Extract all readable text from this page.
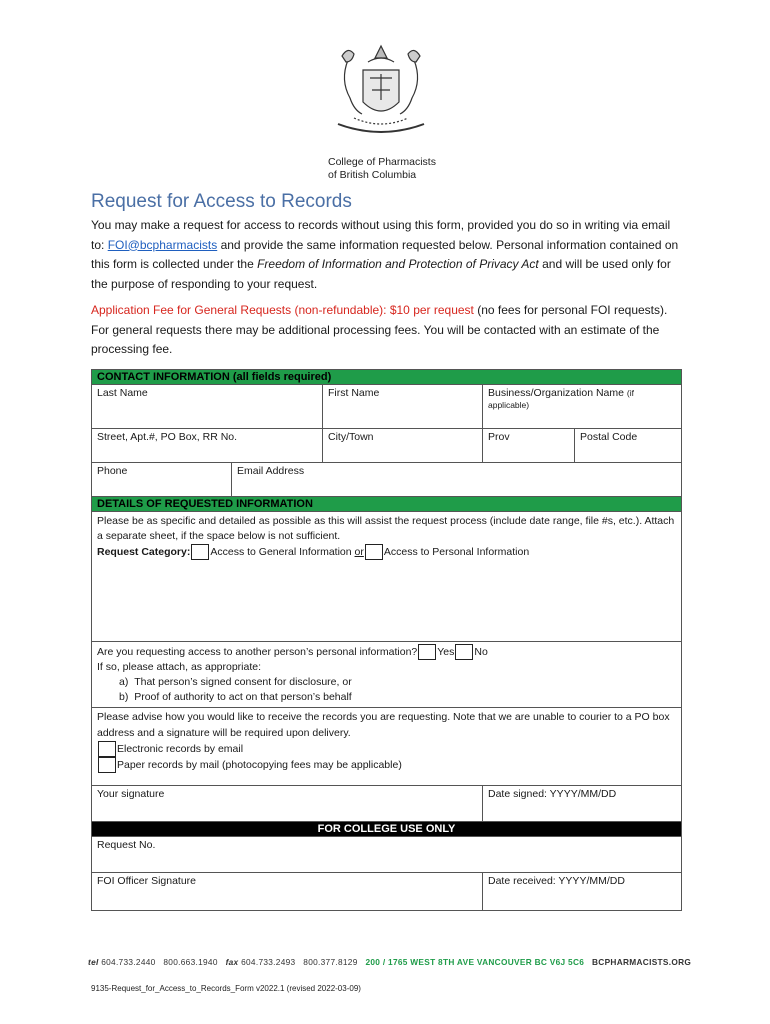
College of Pharmacists
of British Columbia
Request for Access to Records
You may make a request for access to records without using this form, provided you do so in writing via email to: FOI@bcpharmacists and provide the same information requested below. Personal information contained on this form is collected under the Freedom of Information and Protection of Privacy Act and will be used only for the purpose of responding to your request.
Application Fee for General Requests (non-refundable): $10 per request (no fees for personal FOI requests). For general requests there may be additional processing fees. You will be contacted with an estimate of the processing fee.
CONTACT INFORMATION (all fields required)				
Last Name		First Name	Business/Organization Name (if applicable)	
Street, Apt.#, PO Box, RR No.		City/Town	Prov	Postal Code
Phone	Email Address			
DETAILS OF REQUESTED INFORMATION				

Please be as specific and detailed as possible as this will assist the request process (include date range, file #s, etc.). Attach a separate sheet, if the space below is not sufficient.
Request Category: Access to General Information or Access to Personal Information				

Are you requesting access to another person’s personal information? Yes No
If so, please attach, as appropriate:
a) That person’s signed consent for disclosure, or
b) Proof of authority to act on that person’s behalf				

Please advise how you would like to receive the records you are requesting. Note that we are unable to courier to a PO box address and a signature will be required upon delivery.
Electronic records by email
Paper records by mail (photocopying fees may be applicable)				

Your signature			Date signed: YYYY/MM/DD	
FOR COLLEGE USE ONLY				
Request No.				
FOI Officer Signature			Date received: YYYY/MM/DD	
tel 604.733.2440 800.663.1940 fax 604.733.2493 800.377.8129 200 / 1765 WEST 8TH AVE VANCOUVER BC V6J 5C6 BCPHARMACISTS.ORG
9135-Request_for_Access_to_Records_Form v2022.1 (revised 2022-03-09)
